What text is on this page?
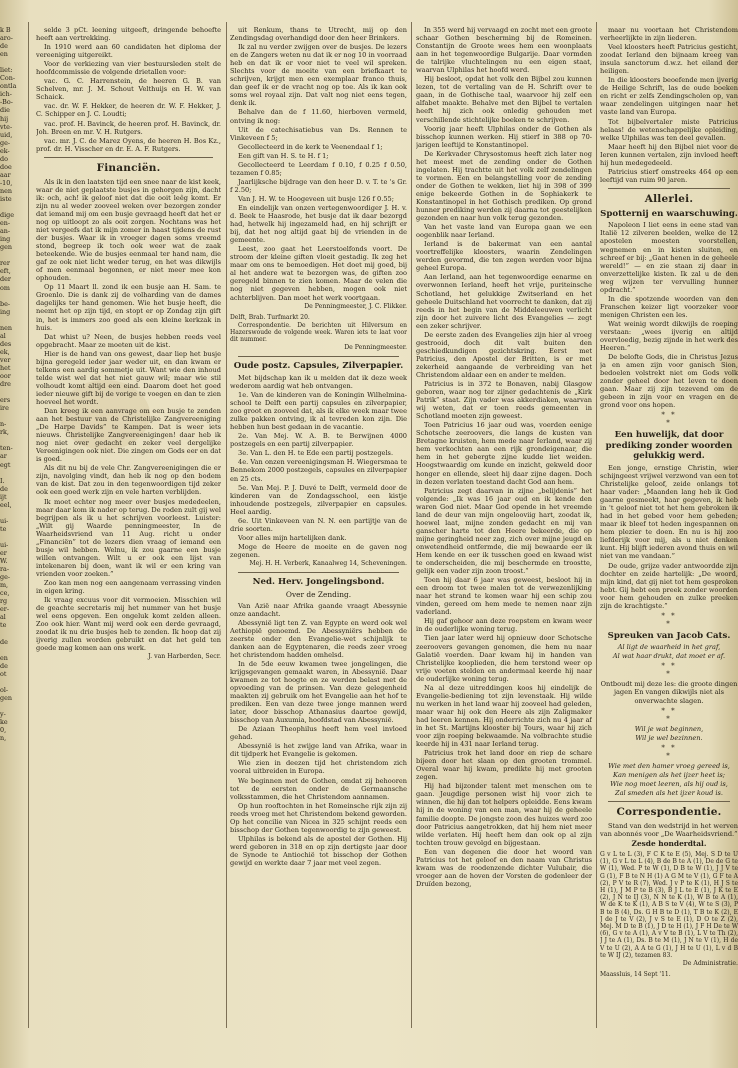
k B
aro-
de
en

liet:
Con-
ontla
ich-
-Bo-
die
hij
vte-
uid,
ge-
ek-
do
doe
aar
-10,
nen
iste

dige
en-
an-
ing
gen

rer
eft,
der
om

be-
ing

nen
al
des
ek,
ver
het
oor
dre

ers
ire

n-
rk,

ten-
ar
egt

I.
de
ijt
eel,

ui-
te

ui-
er
W.
ra-
ge-
m,
ce,
rg
er-
al
te

de

en
de
ot

ol-
gen

y-
ke
0,
n,

selde 3 pCt. leening uitgeeft, dringende behoefte heeft aan vertrekking.

In 1910 werd aan 60 candidaten het diploma der vereeniging uitgereikt.

Voor de verkiezing van vier bestuursleden stelt de hoofdcommissie de volgende drietallen voor:

vac. G. C. Harrenstein, de heeren G. B. van Schelven, mr. J. M. Schout Velthuijs en H. W. van Schaick.

vac. dr. W. F. Hekker, de heeren dr. W. F. Hekker, J. C. Schipper en J. C. Loudti;

vac. prof. H. Bavinck, de heeren prof. H. Bavinck, dr. Joh. Breen en mr. V. H. Rutgers.

vac. mr. J. C. de Marez Oyens, de heeren H. Bos Kz., prof. dr. H. Visscher en dr. E. A. F. Rutgers.

Financiën.

Als ik in den laatsten tijd een snee naar de kist keek, waar de niet geplaatste busjes in gehorgen zijn, dacht ik: och, ach! ik geloof niet dat die ooit leêg komt. Er zijn nu al weder zooveel weken over bezorgen zonder dat iemand mij om een busje gevraagd heeft dat het er nog op uitloopt zo als ooit zorgen. Nochtans was het niet vergeefs dat ik mijn zomer in haast tijdens de rust der busjes. Waar ik in vroeger dagen soms vreemd stond, begreep ik toch ook weer wat de zaak beteekende. Wie de busjes eenmaal ter hand nam, die gaf ze ook niet licht weder terug, en het was dikwijls of men eenmaal begonnen, er niet meer mee kon ophouden.

Op 11 Maart ll. zond ik een busje aan H. Sam. te Groenlo. Die is dank zij de volharding van de dames dagelijks ter hand genomen. Wie het busje heeft, die neemt het op zijn tijd, en stopt er op Zondag zijn gift in, het is immers zoo goed als een kleine kerkzak in huis.

Dat whist u? Neen, de busjes hebben reeds veel opgebracht. Maar ze moeten uit de kist.

Hier is de hand van ons gewest, daar liep het busje bijna geregeld ieder jaar weder uit, en dan kwam er telkens een aardig sommetje uit. Want wie den inhoud telde wist wel dat het niet gauw wil; maar wie stil volhoudt komt altijd een eind. Daarom doet het goed ieder nieuwe gift bij de vorige te voegen en dan te zien hoeveel het wordt.

Dan kreeg ik een aanvrage om een busje te zenden aan het bestuur van de Christelijke Zangvereeniging „De Harpe Davids” te Kampen. Dat is weer iets nieuws. Christelijke Zangvereenigingen! daar heb ik nog niet over gedacht en zeker veel dergelijke Vereenigingen ook niet. Die zingen om Gods eer en dat is goed.

Als dit nu bij de vele Chr. Zangvereenigingen die er zijn, navolging vindt, dan heb ik nog op den bodem van de kist. Dat zou in den tegenwoordigen tijd zeker ook een goed werk zijn en vele harten verblijden.

Ik moet echter nog meer over busjes mededeelen, maar daar kom ik nader op terug. De roden zult gij wel begrijpen als ik u het schrijven voorleest. Luister: „Wilt gij Waarde penningmeester, In de Waarheidsvriend van 11 Aug. richt u onder „Financiën” tot de lezers dien vraag of iemand een busje wil hebben. Welnu, ik zou gaarne een busje willen ontvangen. Wilt u er ook een lijst van intekenaren bij doen, want ik wil er een kring van vrienden voor zoeken.”

Zoo kan men nog een aangenaam verrassing vinden in eigen kring.

Ik vraag excuus voor dit vermoeien. Misschien wil de geachte secretaris mij het nummer van het busje wel eens opgeven. Een ongeluk komt zelden alleen. Zoo ook hier. Want mij werd ook een derde gevraagd, zoodat ik nu drie busjes heb te zenden. Ik hoop dat zij ijverig zullen worden gebruikt en dat het geld ten goede mag komen aan ons werk.

J. van Harberden, Secr.

uit Renkum, thans te Utrecht, mij op den Zendingsdag overhandigd door den heer Brinkers.

Ik zal nu verder zwijgen over de busjes. De lezers en de Zangers weten nu dat ik er nog 10 in voorraad heb en dat ik er voor niet te veel wil spreken. Slechts voor de moeite van een briefkaart te schrijven, krijgt men een exemplaar franco thuis, dan geef ik er de vracht nog op toe. Als ik kan ook soms wel royaal zijn. Dat valt nog niet eens tegen, denk ik.

Behalve dan de f 11.60, hierboven vermeld, ontving ik nog:

Uit de catechisatiebus van Ds. Rennen te Vinkeveen f 5;

Gecollecteerd in de kerk te Veenendaal f 1;

Een gift van H. S. te H. f 1;

Gecollecteerd te Leerdam f 0.10, f 0.25 f 0.50, tezamen f 0.85;

Jaarlijksche bijdrage van den heer D. v. T. te 's Gr. f 2.50;

Van J. H. W. te Hoogeveen uit busje 126 f 0.55;

En eindelijk van onzen vertegenwoordiger J. H. v. d. Beek te Haasrode, het busje dat ik daar bezorgd had, hetwelk hij ingezameld had, en hij schrijft er bij, dat het nog altijd gaat bij de vrienden in de gemeente.

Leest, zoo gaat het Leerstoelfonds voort. De stroom der kleine giften vloeit gestadig. Ik zeg het maar om ons te bemoedigen. Het doet mij goed, bij al het andere wat te bezorgen was, de giften zoo geregeld binnen te zien komen. Maar de velen die nog niet gegeven hebben, mogen ook niet achterblijven. Dan moet het werk voortgaan.

De Penningmeester, J. C. Flikker.

Delft, Brab. Turfmarkt 20.

Correspondentie. De berichten uit Hilversum en Hazerswoude de volgende week. Waren iets te laat voor dit nummer.

De Penningmeester.
Oude postz. Capsules, Zilverpapier.

Met bijdschap kan ik u melden dat ik deze week wederom aardig wat heb ontvangen.

1e. Van de kinderen van de Koningin Wilhelmina-school te Delft een partij capsules en zilverpapier, zoo groot en zooveel dat, als ik elke week maar twee zulke pakken ontving, ik al tevreden kon zijn. Die hebben hun best gedaan in de vacantie.

2e. Van Mej. W. A. B. te Berwijnen 4000 postzegels en een partij zilverpapier.

3e. Van L. den H. te Ede een partij postzegels.

4e. Van onzen vereenigingsman H. Wiegersmaa te Bennekom 2000 postzegels, capsules en zilverpapier en 25 cts.

5e. Van Mej. P. J. Duvé te Delft, vermeld door de kinderen van de Zondagsschool, een kistje inhoudende postzegels, zilverpapier en capsules. Heel aardig.

6e. Uit Vinkeveen van N. N. een partijtje van de drie soorten.

Voor alles mijn hartelijken dank.

Moge de Heere de moeite en de gaven nog zegenen.

Mej. H. H. Verberk, Kanaalweg 14, Scheveningen.
Ned. Herv. Jongelingsbond.
Over de Zending.

Van Azië naar Afrika gaande vraagt Abessynie onze aandacht.

Abessynië ligt ten Z. van Egypte en werd ook wel Aethiopië genoemd. De Abessyniërs hebben de zeerste onder den Evangelie-wet schijnlijk te danken aan de Egyptenaren, die reeds zeer vroeg het christendom hadden omhelsd.

In de 5de eeuw kwamen twee jongelingen, die krijgsgevangen gemaakt waren, in Abessynië. Daar kwamen ze tot hoogte en ze werden belast met de opvoeding van de prinsen. Van deze gelegenheid maakten zij gebruik om het Evangelie aan het hof te prediken. Een van deze twee jonge mannen werd later, door bisschop Athanasius daartoe gewijd, bisschop van Auxumia, hoofdstad van Abessynië.

De Aziaan Theophilus heeft hem veel invloed gehad.

Abessynië is het zwijge land van Afrika, waar in dit tijdperk het Evangelie is gekomen.

Wie zien in deezen tijd het christendom zich vooral uitbreiden in Europa.

We beginnen met de Gothen, omdat zij behooren tot de eersten onder de Germaansche volksstammen, die het Christendom aannamen.

Op hun rooftochten in het Romeinsche rijk zijn zij reeds vroeg met het Christendom bekend geworden. Op het concilie van Nicea in 325 schijnt reeds een bisschop der Gothen tegenwoordig te zijn geweest.

Ulphilas is bekend als de apostel der Gothen. Hij werd geboren in 318 en op zijn dertigste jaar door de Synode te Antiochië tot bisschop der Gothen gewijd en werkte daar 7 jaar met veel zegen.

In 355 werd hij vervaagd en zocht met een groote schaar Gothen bescherming bij de Romeinen. Constantijn de Groote wees hem een woonplaats aan in het tegenwoordige Bulgarije. Daar vormden de talrijke vluchtelingen nu een eigen staat, waarvan Ulphilas het hoofd werd.

Hij besloot, opdat het volk den Bijbel zou kunnen lezen, tot de vertaling van de H. Schrift over te gaan, in de Gothische taal, waarvoor hij zelf een alfabet maakte. Behalve met den Bijbel te vertalen heeft hij zich ook onledig gehouden met verschillende stichtelijke boeken te schrijven.

Voorig jaar heeft Ulphilas onder de Gothen als bisschop kunnen werken. Hij stierf in 388 op 70-jarigen leeftijd te Konstantinopel.

De Kerkvader Chrysostomus heeft zich later nog het meest met de zending onder de Gothen ingelaten. Hij trachtte uit het volk zelf zendelingen te vormen. Een en belangstelling voor de zending onder de Gothen te wekken, liet hij in 398 of 399 enige bekeerde Gothen in de Sophiakerk te Konstantinopel in het Gothisch prediken. Op grond hunner prediking werden zij daarna tot geestelijken gezonden en naar hun volk terug gezonden.

Van het vaste land van Europa gaan we een oogenblik naar Ierland.

Ierland is de bakermat van een aantal voortreffelijke kloosters, waarin Zendelingen werden gevormd, die ten zegen werden voor bijna geheel Europa.

Aan Ierland, aan het tegenwoordige eenarme en overwonnen Ierland, heeft het vrije, puriteinsche Schotland, het gelukkige Zwitserland en het geheele Duitschland het voorrecht te danken, dat zij reeds in het begin van de Middeleeuwen verlicht zijn door het zuivere licht des Evangelies — zegt een zeker schrijver.

De eerste zaden des Evangelies zijn hier al vroeg gestrooid, doch dit valt buiten den geschiedkundigen gezichtskring. Eerst met Patricius, den Apostel der Britten, is er met zekerheid aangaande de verbreiding van het Christendom aldaar een en ander te melden.

Patricius is in 372 te Bonaven, nabij Glasgow geboren, waar nog ter zijner gedachtenis de „Kirk Patrik” staat. Zijn vader was akkerdiaken, waarvan wij weten, dat er toen reeds gemeenten in Schotland moeten zijn geweest.

Toen Patricius 16 jaar oud was, voerden eenige Schotsche zeeroovers, die langs de kusten van Bretagne kruisten, hem mede naar Ierland, waar zij hem verkochten aan een rijk grondeigenaar, die hem in het gebergte zijne kudde liet weiden. Hoogstwaardig om kunde en inzicht, gekweld door honger en ellende, sleet hij daar zijne dagen. Doch in dezen verlaten toestand dacht God aan hem.

Patricius zegt daarvan in zijne „belijdenis” het volgende: „Ik was 16 jaar oud en ik kende den waren God niet. Maar God opende in het vreemde land de deur van mijn ongelooviig hart, zoodat ik, hoewel laat, mijne zonden gedacht en mij van ganscher harte tot den Heere bekeerde, die op mijne geringheid neer zag, zich over mijne jeugd en onwetendheid ontfermde, die mij bewaarde eer ik Hem kende en eer ik tusschen goed en kwaad wist te onderscheiden, die mij beschermde en troostte, gelijk een vader zijn zoon troost.”

Toen hij daar 6 jaar was geweest, besloot hij in een droom tot twee malen tot de verwezenlijking naar het strand te komen waar hij een schip zou vinden, gereed om hem mede te nemen naar zijn vaderland.

Hij gaf gehoor aan deze roepstem en kwam weer in de ouderlijke woning terug.

Tien jaar later werd hij opnieuw door Schotsche zeeroovers gevangen genomen, die hem nu naar Galatië voerden. Daar kwam hij in handen van Christelijke kooplieden, die hem terstond weer op vrije voeten stelden en andermaal keerde hij naar de ouderlijke woning terug.

Na al deze uitreddingen koos hij eindelijk de Evangelie-bediening tot zijn levenstaak. Hij wilde nu werken in het land waar hij zooveel had geleden, maar waar hij ook den Heere als zijn Zaligmaker had leeren kennen. Hij onderrichte zich nu 4 jaar af in het St. Martijns klooster bij Tours, waar hij zich voor zijn roeping bekwaamde. Na volbrachte studie keerde hij in 431 naar Ierland terug.

Patricius trok het land door en riep de schare bijeen door het slaan op den grooten trommel. Overal waar hij kwam, predikte hij met grooten zegen.

Hij had bijzonder talent met menschen om te gaan. Jeugdige personen wist hij voor zich te winnen, die hij dan tot helpers opleidde. Eens kwam hij in de woning van een man, waar hij de geheele familie doopte. De jongste zoon des huizes werd zoo door Patricius aangetrokken, dat hij hem niet meer wilde verlaten. Hij heeft hem dan ook op al zijn tochten trouw gevolgd en bijgestaan.

Een van degenen die door het woord van Patricius tot het geloof en den naam van Christus kwam was de roodenzende dichter Vulubair, die vroeger aan de hoven der Vorsten de godenleer der Druïden bezong,

maar nu voortaan het Christendom verheerlijkte in zijn liederen.

Veel kloosters heeft Patricius gesticht, zoodat Ierland den bijnaam kreeg van insula sanctorum d.w.z. het eiland der heiligen.

In die kloosters beoefende men ijverig de Heilige Schrift, las de oude boeken en richt er zelfs Zendingscholen op, van waar zendelingen uitgingen naar het vaste land van Europa.

Tot bijbelvertaler miste Patricius helaas! de wetenschappelijke opleiding, welke Ulphilas was ten deel gevallen.

Maar heeft hij den Bijbel niet voor de Ieren kunnen vertalen, zijn invloed heeft hij hun medegedeeld.

Patricius stierf omstreeks 464 op een leeftijd van ruim 90 jaren.

Allerlei.
Spotternij en waarschuwing.

Napoleon I liet eens in eene stad van Italië 12 zilveren beelden, welke de 12 apostelen moesten voorstellen, wegnemen en in kisten sluiten, en schreef er bij: „Gaat henen in de geheele wereld!” — en zie staan zij daar in onverzettelijke kisten. Ik zal u de den weg wijzen ter vervulling hunner opdracht.”

In die spotzende woorden van den Franschen keizer ligt voorzeker voor menigen Christen een les.

Wat weinig wordt dikwijls de roeping verstaan: „wees ijverig en altijd overvloedig, bezig zijnde in het werk des Heeren.”

De belofte Gods, die in Christus Jezus ja en amen zijn voor ganisch Sion, bedoelen volstrekt niet om Gods volk zonder geheel door het leven te doen gaan. Maar zij zijn tezevend om de gebeen in zijn voor en vragen en de grond voor ons hopen.

* *
*
Een huwelijk, dat door prediking zonder woorden gelukkig werd.

Een jonge, ernstige Christin, wier schijngeest vrijwel verzwond van een tot Christelijke geloof, zeide onlangs tot haar vader: „Maanden lang heb ik God gaarne gesmeekt, haar gegeven, ik heb in 't geloof niet tot het hem gebroken ik had in het gebed voor hem gebeden; maar ik bleef tot heden ingespannen on hem plezier te doen. En nu is hij zoo liefderijk voor mij, als u niet denken kunt. Hij blijft iederen avond thuis en wil niet van me vandaan.”

De oude, grijze vader antwoordde zijn dochter en zeide hartelijk: „De woord, mijn kind, dat gij niet tot hem gesproken hebt. Gij hebt een preek zonder woorden voor hem gehouden en zulke preeken zijn de krachtigste.”

* *
*
Spreuken van Jacob Cats.

Al ligt de waarheid in het graf,

Al wat haar drukt, dat moet er af.

* *
*

Ontboudt mij deze les: die groote dingen jagen En vangen dikwijls niet als onverwachte slagen.

* *
*

Wil je wat beginnen,

Wil je wel bezinnen.

* *
*

Wie met den hamer vroeg gereed is,

Kan menigen als het ijzer heet is;

Wie nog moet leeren, als hij oud is,

Zal smeden als het ijzer koud is.

Correspondentie.

Stand van den wedstrijd in het werven van abonnés voor „De Waarheidsvriend.”

Zesde honderdtal.

G v L te L (3), F C K te E (5), Mej. S D te U (1), G v L te L (4), B de B te A (1), De de G te W (1), Wed. P te W (1), D B te W (1), J J V te G (1), F B te N H (1) A G M te V (1), G F te A (2), P V te R (7), Wed. J v P te K (1), H J S te H (1), J M P te B (3), B J L te E (1), J K te E (2), J N te IJ (3), N N te K (1), W B te A (1), W de K te K (1), A B S te V (4), W te S (3), P B te B (4), Ds. G H B te D (1), T B te K (2), E J de J te V (2), J v S te E (1), D O te Z (2), Mej. M D te B (1), J D te H (1), J F H De te W (6), G v te A (1), A v V te B (1), L V te Th (2), J J te A (1), Ds. B te M (1), J N te V (1), H de V te U (2), A A te G (1), J H te U (1), L v d B te W IJ (2), tezamen 83.

De Administratie.

Maassluis, 14 Sept '11.
